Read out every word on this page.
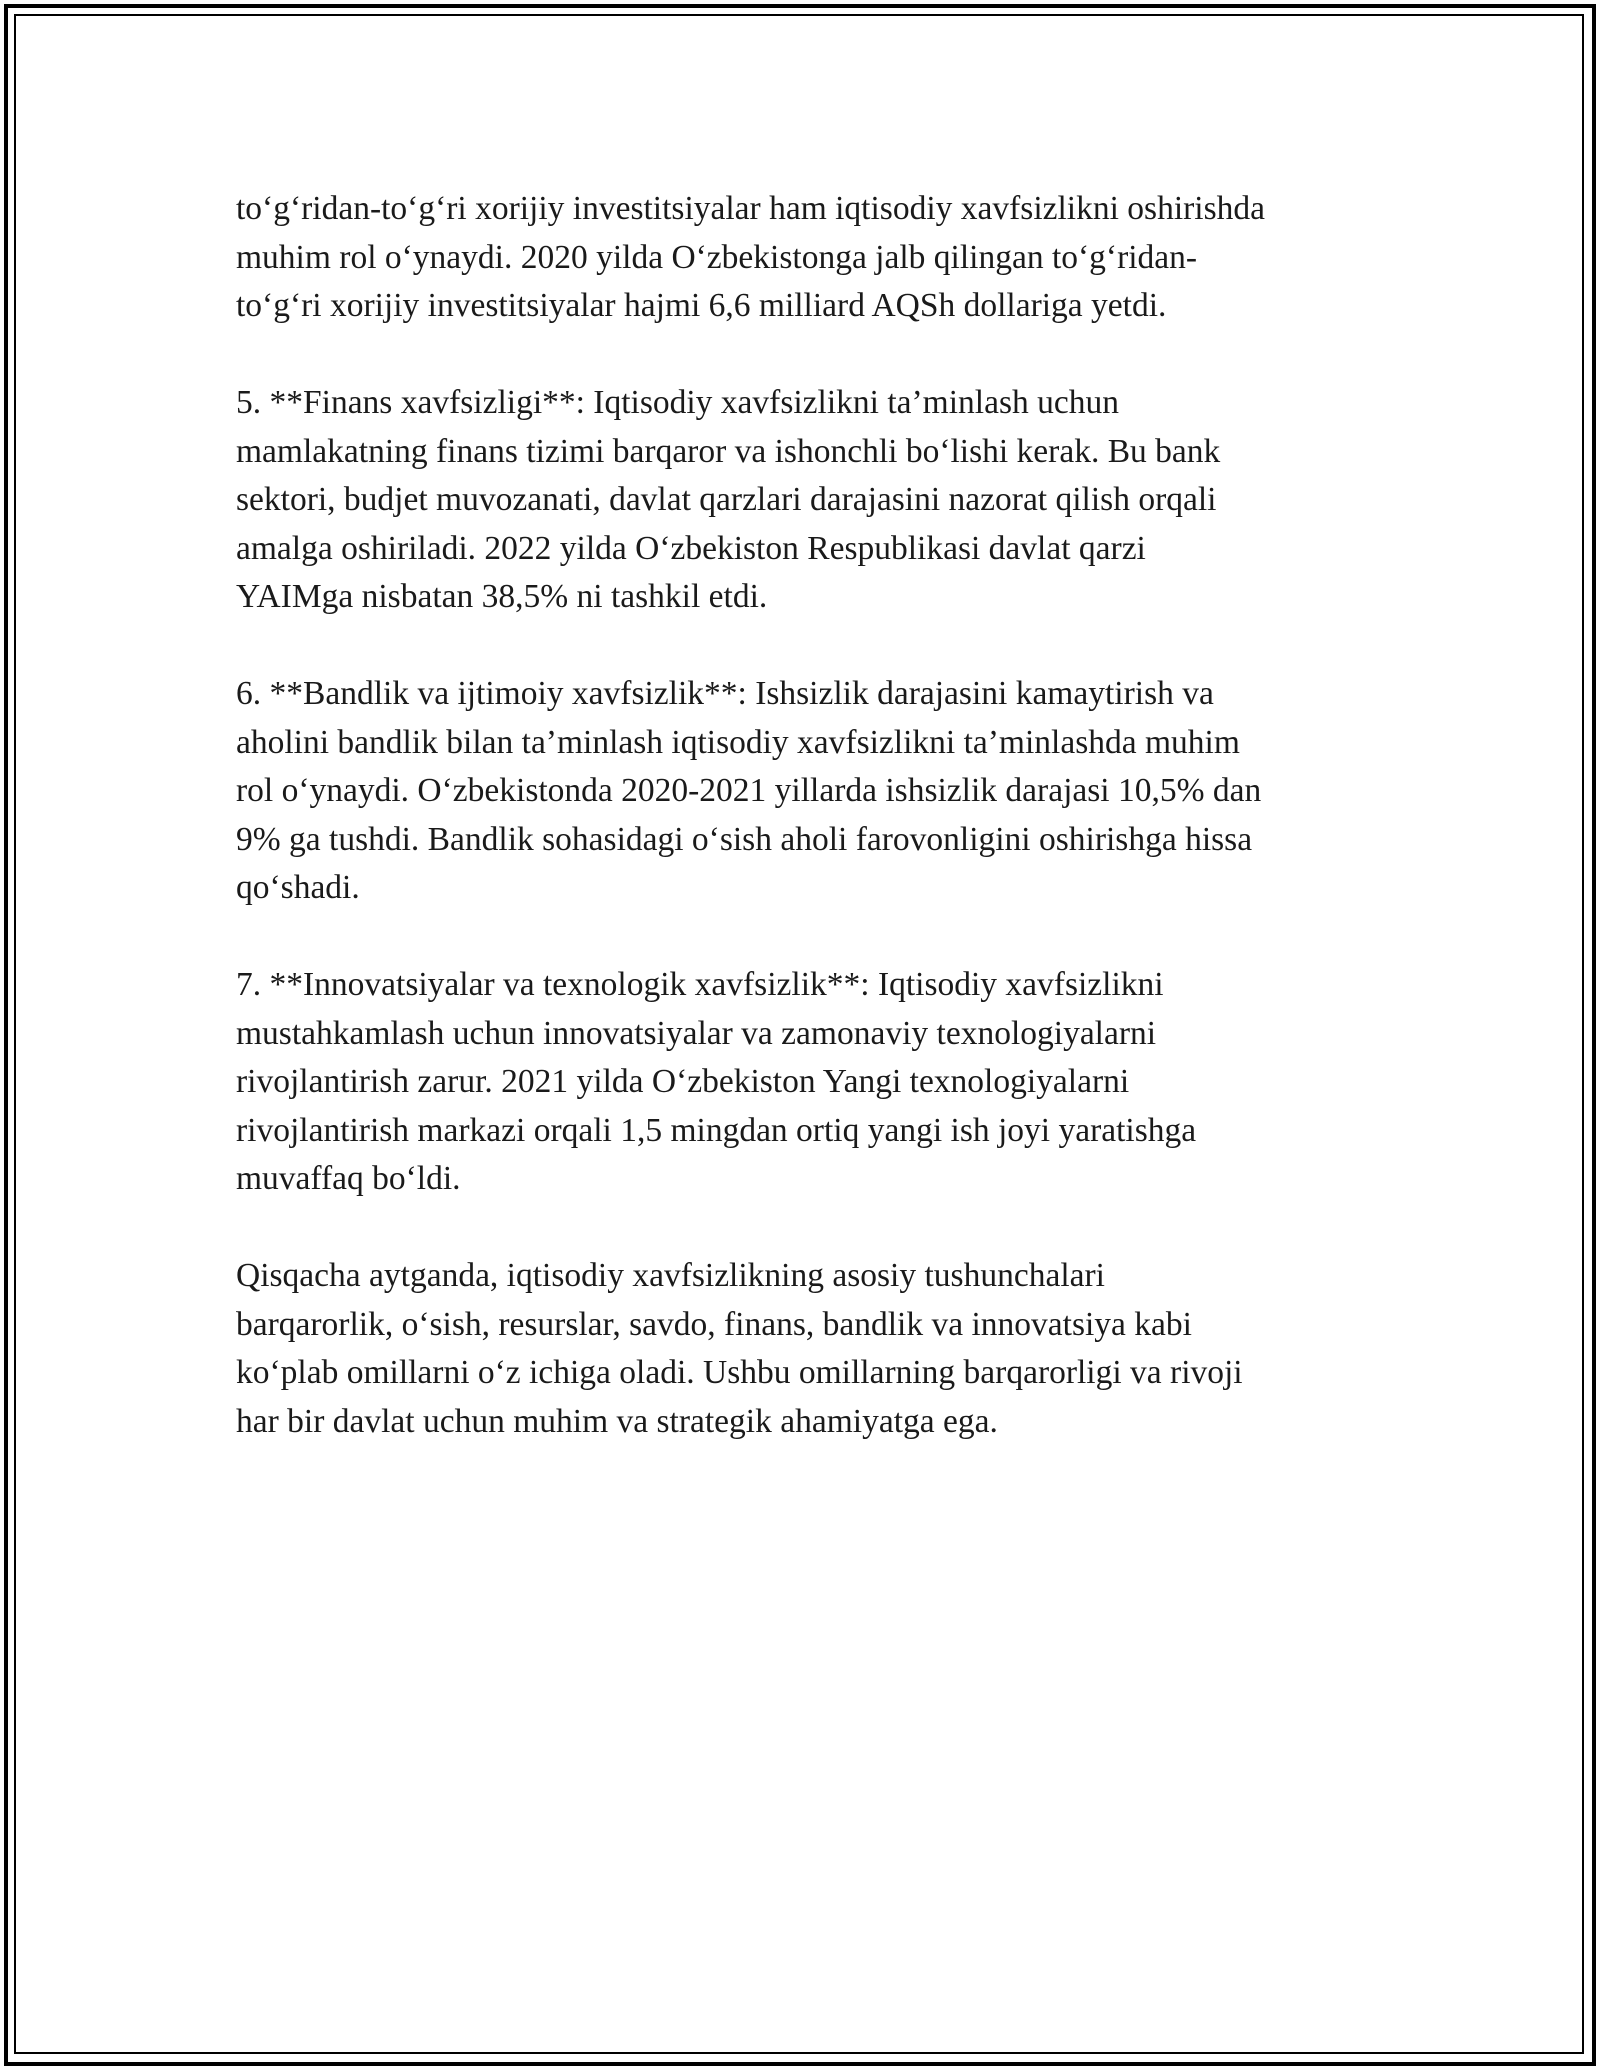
to‘g‘ridan-to‘g‘ri xorijiy investitsiyalar ham iqtisodiy xavfsizlikni oshirishda
muhim rol o‘ynaydi. 2020 yilda O‘zbekistonga jalb qilingan to‘g‘ridan-
to‘g‘ri xorijiy investitsiyalar hajmi 6,6 milliard AQSh dollariga yetdi.

5. **Finans xavfsizligi**: Iqtisodiy xavfsizlikni ta’minlash uchun
mamlakatning finans tizimi barqaror va ishonchli bo‘lishi kerak. Bu bank
sektori, budjet muvozanati, davlat qarzlari darajasini nazorat qilish orqali
amalga oshiriladi. 2022 yilda O‘zbekiston Respublikasi davlat qarzi
YAIMga nisbatan 38,5% ni tashkil etdi.

6. **Bandlik va ijtimoiy xavfsizlik**: Ishsizlik darajasini kamaytirish va
aholini bandlik bilan ta’minlash iqtisodiy xavfsizlikni ta’minlashda muhim
rol o‘ynaydi. O‘zbekistonda 2020-2021 yillarda ishsizlik darajasi 10,5% dan
9% ga tushdi. Bandlik sohasidagi o‘sish aholi farovonligini oshirishga hissa
qo‘shadi.

7. **Innovatsiyalar va texnologik xavfsizlik**: Iqtisodiy xavfsizlikni
mustahkamlash uchun innovatsiyalar va zamonaviy texnologiyalarni
rivojlantirish zarur. 2021 yilda O‘zbekiston Yangi texnologiyalarni
rivojlantirish markazi orqali 1,5 mingdan ortiq yangi ish joyi yaratishga
muvaffaq bo‘ldi.

Qisqacha aytganda, iqtisodiy xavfsizlikning asosiy tushunchalari
barqarorlik, o‘sish, resurslar, savdo, finans, bandlik va innovatsiya kabi
ko‘plab omillarni o‘z ichiga oladi. Ushbu omillarning barqarorligi va rivoji
har bir davlat uchun muhim va strategik ahamiyatga ega.
